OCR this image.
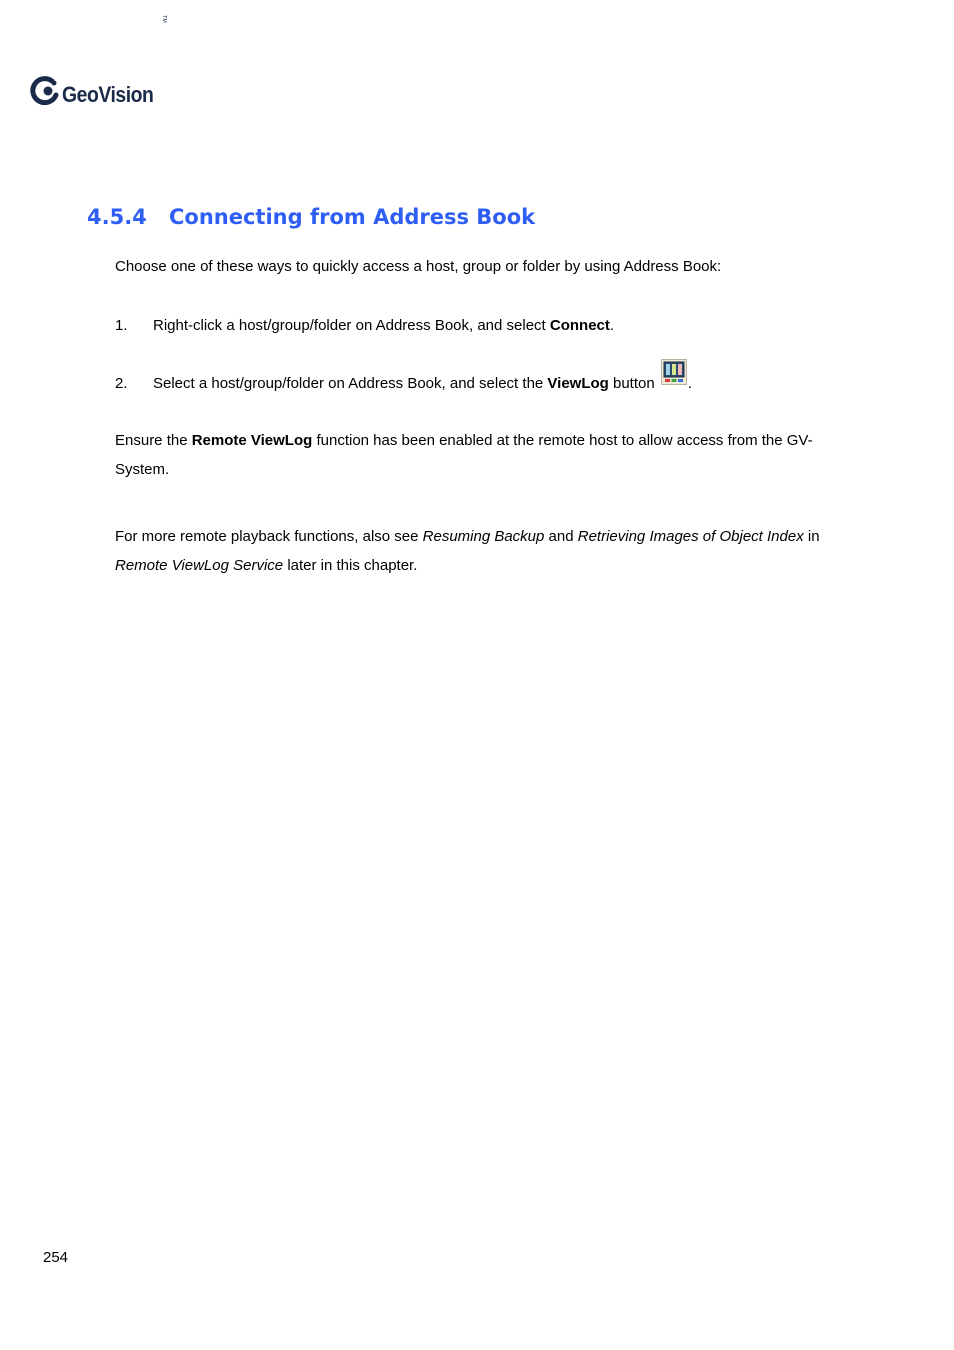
GeoVision
TM
4.5.4 Connecting from Address Book

Choose one of these ways to quickly access a host, group or folder by using Address Book:

1. Right-click a host/group/folder on Address Book, and select Connect.
2. Select a host/group/folder on Address Book, and select the ViewLog button .

Ensure the Remote ViewLog function has been enabled at the remote host to allow access from the GV-System.

For more remote playback functions, also see Resuming Backup and Retrieving Images of Object Index in Remote ViewLog Service later in this chapter.

254
